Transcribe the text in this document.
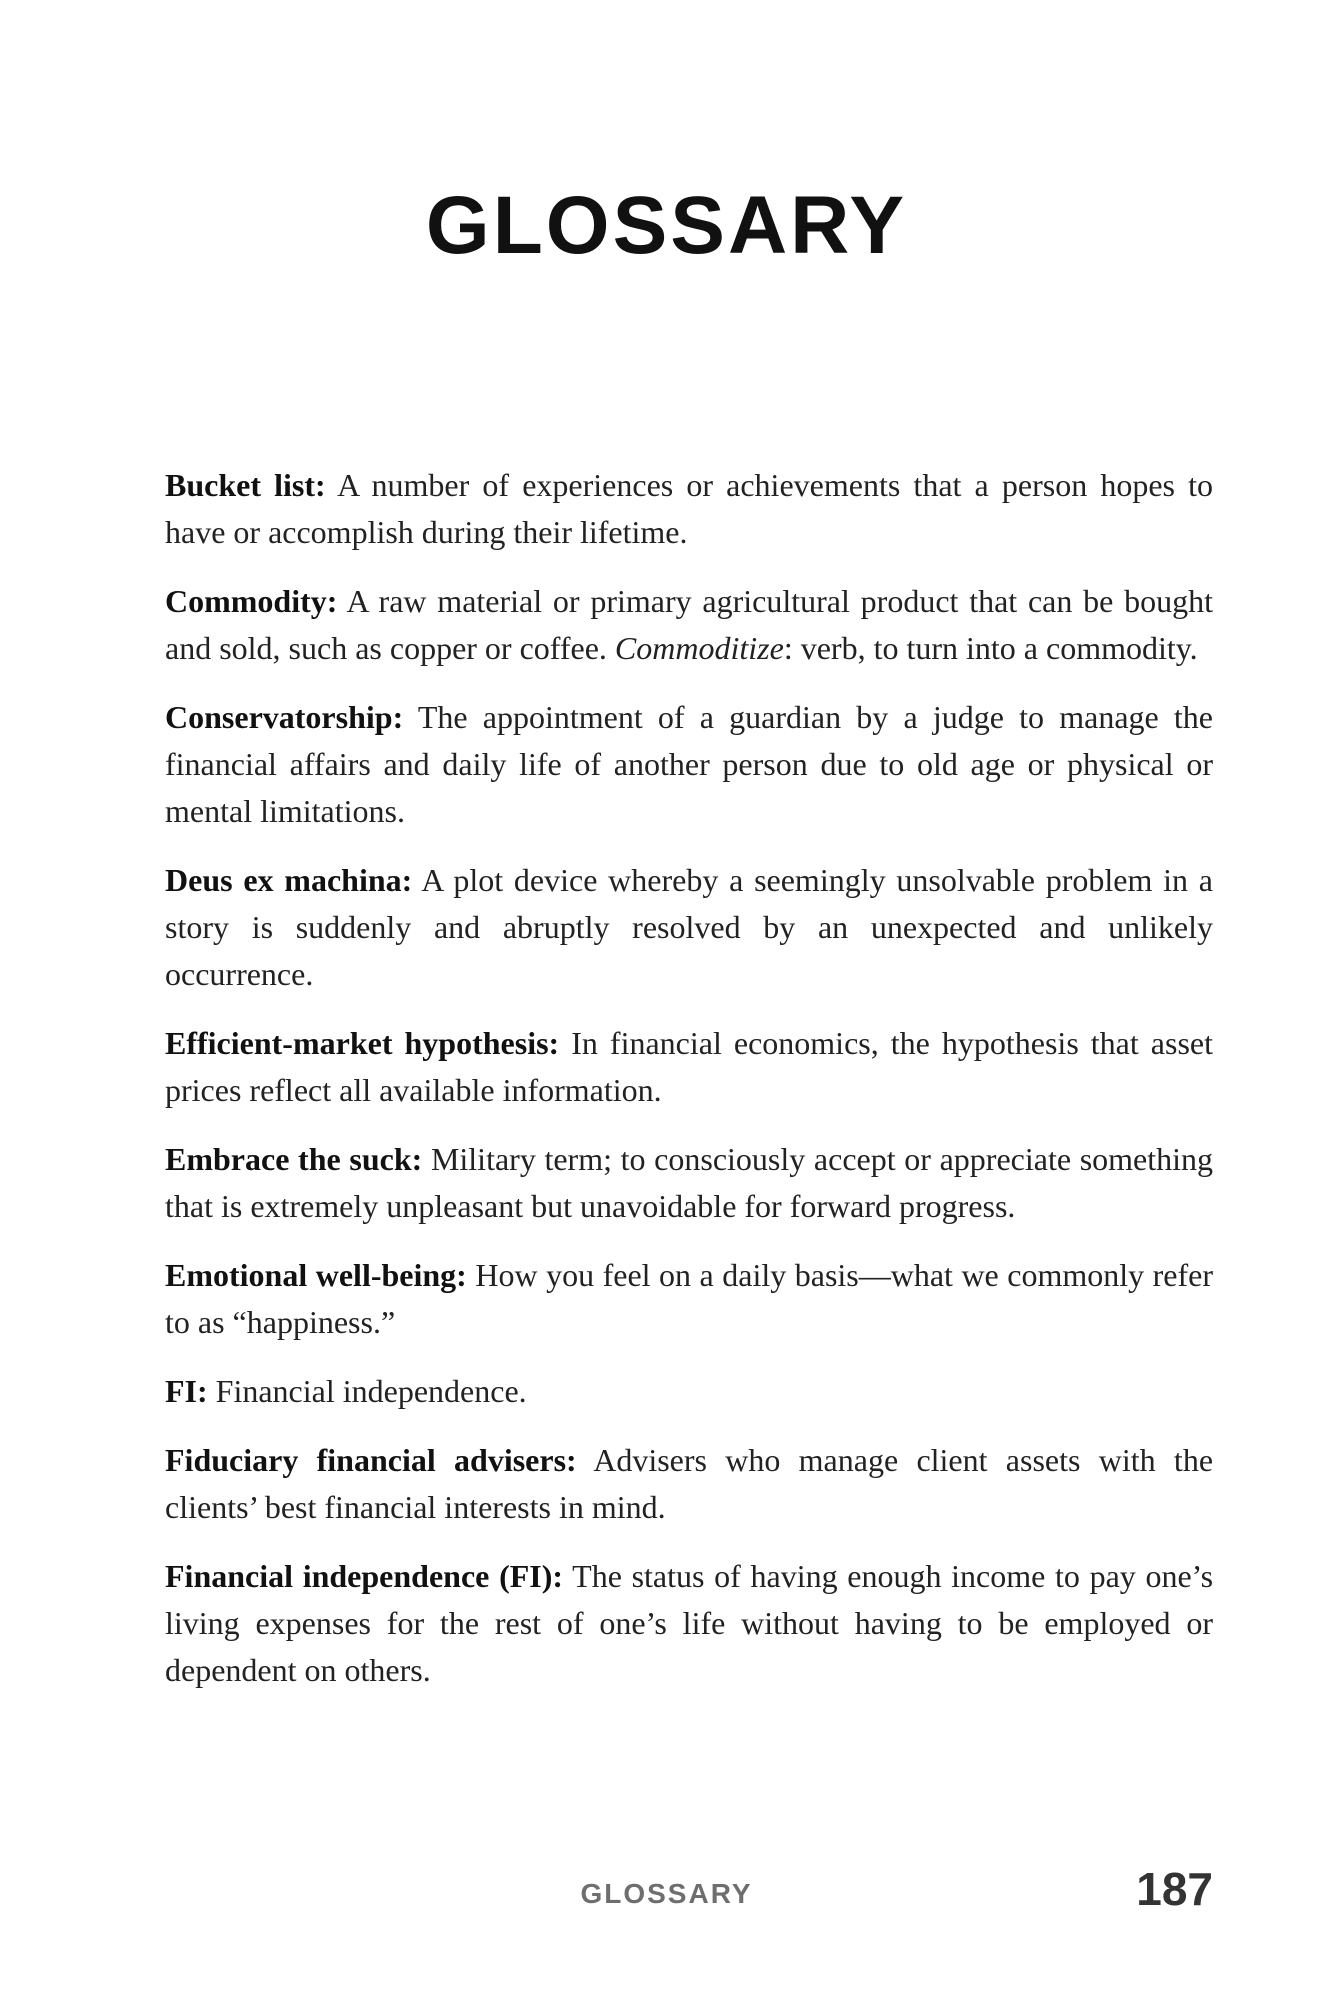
GLOSSARY
Bucket list: A number of experiences or achievements that a person hopes to have or accomplish during their lifetime.
Commodity: A raw material or primary agricultural product that can be bought and sold, such as copper or coffee. Commoditize: verb, to turn into a commodity.
Conservatorship: The appointment of a guardian by a judge to manage the financial affairs and daily life of another person due to old age or physical or mental limitations.
Deus ex machina: A plot device whereby a seemingly unsolvable problem in a story is suddenly and abruptly resolved by an unexpected and unlikely occurrence.
Efficient-market hypothesis: In financial economics, the hypothesis that asset prices reflect all available information.
Embrace the suck: Military term; to consciously accept or appreciate something that is extremely unpleasant but unavoidable for forward progress.
Emotional well-being: How you feel on a daily basis—what we commonly refer to as “happiness.”
FI: Financial independence.
Fiduciary financial advisers: Advisers who manage client assets with the clients’ best financial interests in mind.
Financial independence (FI): The status of having enough income to pay one’s living expenses for the rest of one’s life without having to be employed or dependent on others.
GLOSSARY	187
